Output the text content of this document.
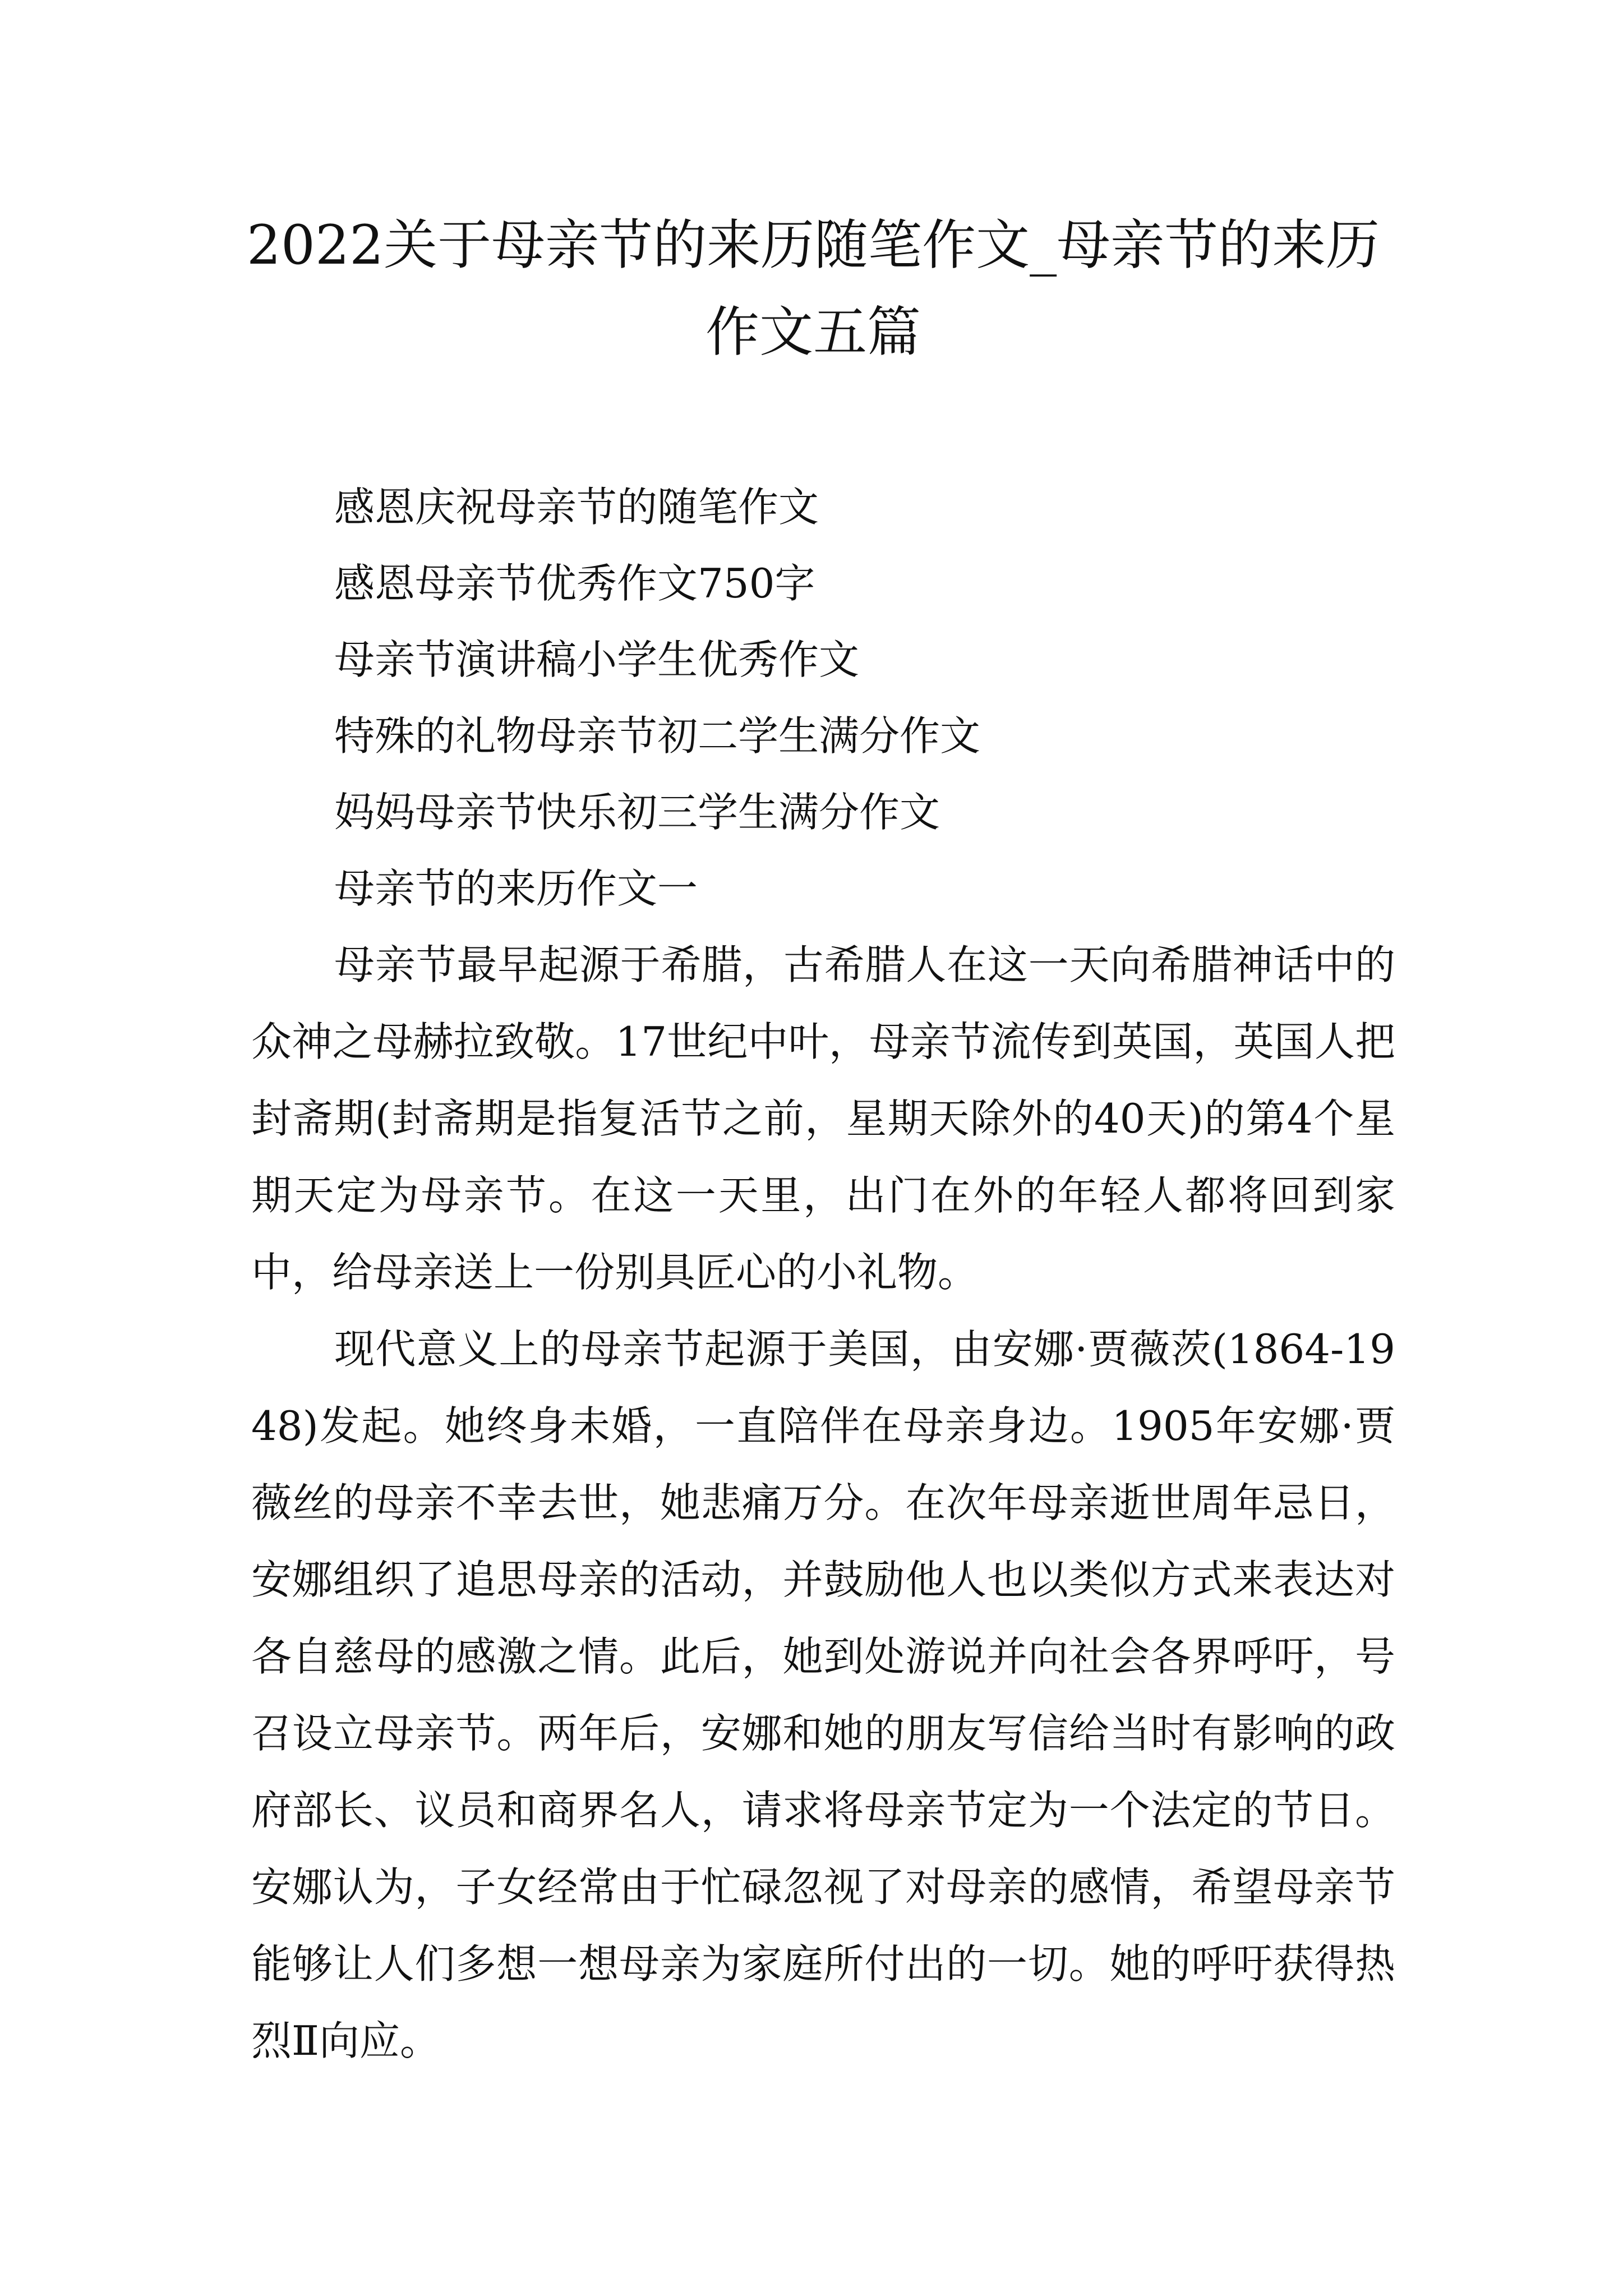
2022关于母亲节的来历随笔作文_母亲节的来历作文五篇
感恩庆祝母亲节的随笔作文
感恩母亲节优秀作文750字
母亲节演讲稿小学生优秀作文
特殊的礼物母亲节初二学生满分作文
妈妈母亲节快乐初三学生满分作文
母亲节的来历作文一

母亲节最早起源于希腊，古希腊人在这一天向希腊神话中的众神之母赫拉致敬。17世纪中叶，母亲节流传到英国，英国人把封斋期(封斋期是指复活节之前，星期天除外的40天)的第4个星期天定为母亲节。在这一天里，出门在外的年轻人都将回到家中，给母亲送上一份别具匠心的小礼物。

现代意义上的母亲节起源于美国，由安娜·贾薇茨(1864-1948)发起。她终身未婚，一直陪伴在母亲身边。1905年安娜·贾薇丝的母亲不幸去世，她悲痛万分。在次年母亲逝世周年忌日，安娜组织了追思母亲的活动，并鼓励他人也以类似方式来表达对各自慈母的感激之情。此后，她到处游说并向社会各界呼吁，号召设立母亲节。两年后，安娜和她的朋友写信给当时有影响的政府部长、议员和商界名人，请求将母亲节定为一个法定的节日。安娜认为，子女经常由于忙碌忽视了对母亲的感情，希望母亲节能够让人们多想一想母亲为家庭所付出的一切。她的呼吁获得热烈Ⅱ向应。
